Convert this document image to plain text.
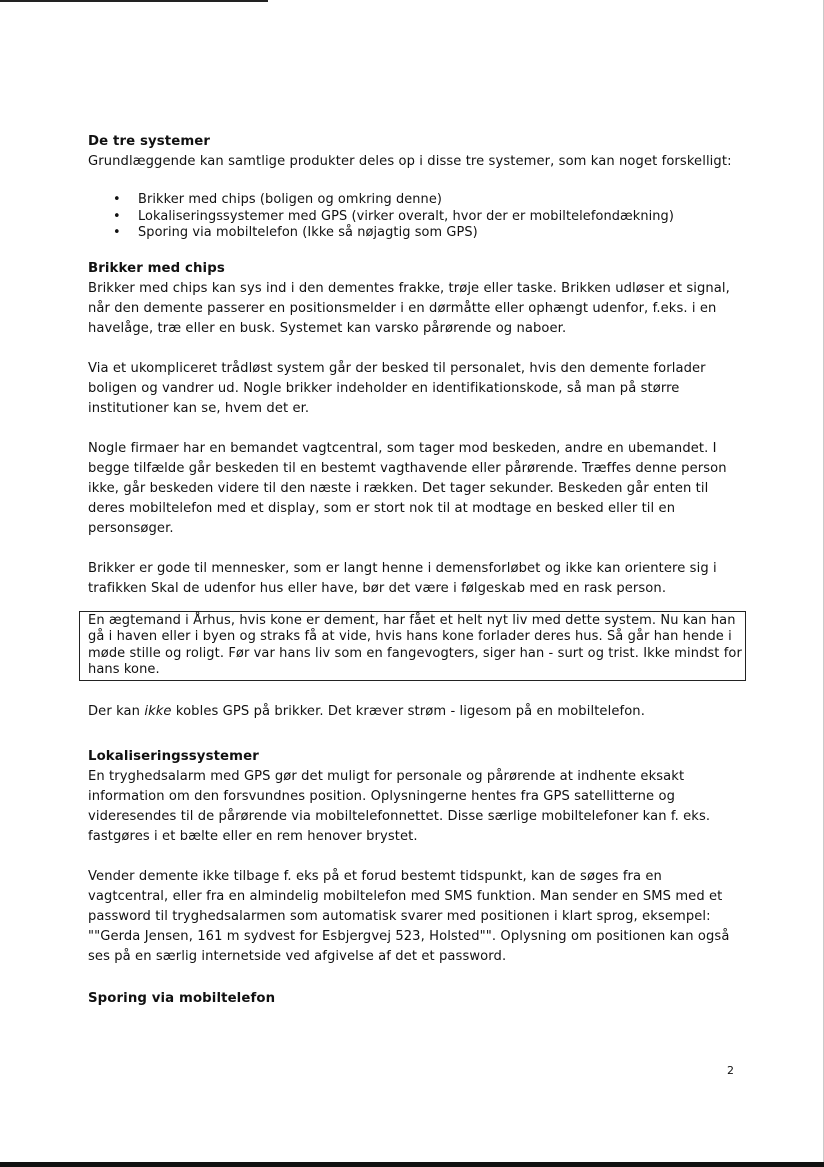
De tre systemer

Grundlæggende kan samtlige produkter deles op i disse tre systemer, som kan noget forskelligt:

• Brikker med chips (boligen og omkring denne)
• Lokaliseringssystemer med GPS (virker overalt, hvor der er mobiltelefondækning)
• Sporing via mobiltelefon (Ikke så nøjagtig som GPS)
Brikker med chips

Brikker med chips kan sys ind i den dementes frakke, trøje eller taske. Brikken udløser et signal, når den demente passerer en positionsmelder i en dørmåtte eller ophængt udenfor, f.eks. i en havelåge, træ eller en busk. Systemet kan varsko pårørende og naboer.

Via et ukompliceret trådløst system går der besked til personalet, hvis den demente forlader boligen og vandrer ud. Nogle brikker indeholder en identifikationskode, så man på større institutioner kan se, hvem det er.

Nogle firmaer har en bemandet vagtcentral, som tager mod beskeden, andre en ubemandet. I begge tilfælde går beskeden til en bestemt vagthavende eller pårørende. Træffes denne person ikke, går beskeden videre til den næste i rækken. Det tager sekunder. Beskeden går enten til deres mobiltelefon med et display, som er stort nok til at modtage en besked eller til en personsøger.

Brikker er gode til mennesker, som er langt henne i demensforløbet og ikke kan orientere sig i trafikken Skal de udenfor hus eller have, bør det være i følgeskab med en rask person.

En ægtemand i Århus, hvis kone er dement, har fået et helt nyt liv med dette system. Nu kan han gå i haven eller i byen og straks få at vide, hvis hans kone forlader deres hus. Så går han hende i møde stille og roligt. Før var hans liv som en fangevogters, siger han - surt og trist. Ikke mindst for hans kone.

Der kan ikke kobles GPS på brikker. Det kræver strøm - ligesom på en mobiltelefon.

Lokaliseringssystemer

En tryghedsalarm med GPS gør det muligt for personale og pårørende at indhente eksakt information om den forsvundnes position. Oplysningerne hentes fra GPS satellitterne og videresendes til de pårørende via mobiltelefonnettet. Disse særlige mobiltelefoner kan f. eks. fastgøres i et bælte eller en rem henover brystet.

Vender demente ikke tilbage f. eks på et forud bestemt tidspunkt, kan de søges fra en vagtcentral, eller fra en almindelig mobiltelefon med SMS funktion. Man sender en SMS med et password til tryghedsalarmen som automatisk svarer med positionen i klart sprog, eksempel: ""Gerda Jensen, 161 m sydvest for Esbjergvej 523, Holsted"". Oplysning om positionen kan også ses på en særlig internetside ved afgivelse af det et password.

Sporing via mobiltelefon
2
